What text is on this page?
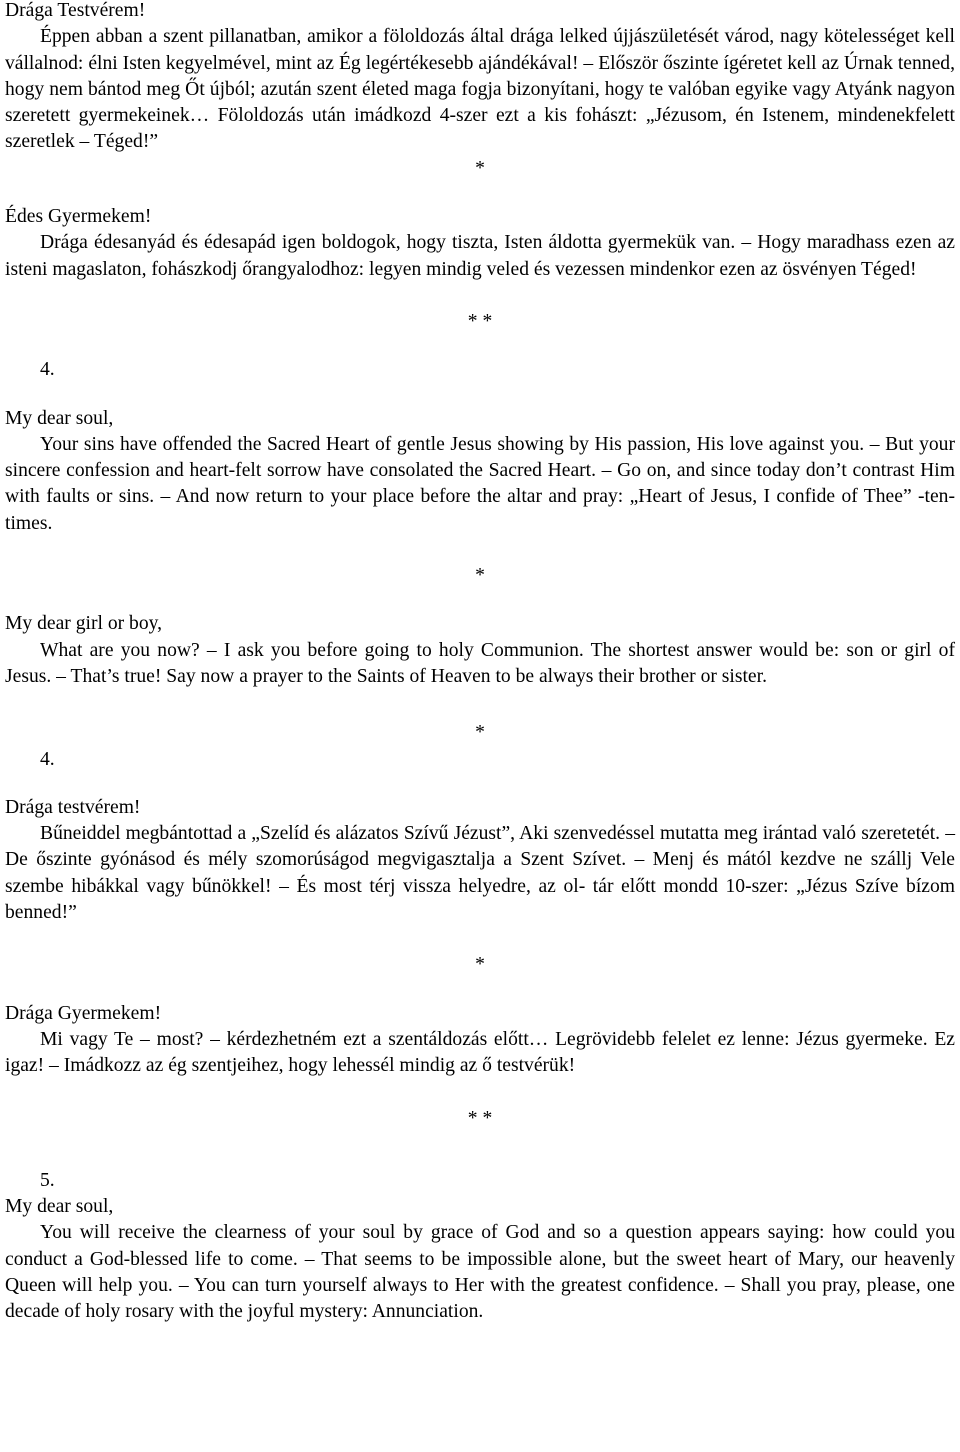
Drága Testvérem!

Éppen abban a szent pillanatban, amikor a föloldozás által drága lelked újjászületését várod, nagy kötelességet kell vállalnod: élni Isten kegyelmével, mint az Ég legértékesebb ajándékával! – Először őszinte ígéretet kell az Úrnak tenned, hogy nem bántod meg Őt újból; azután szent életed maga fogja bizonyítani, hogy te valóban egyike vagy Atyánk nagyon szeretett gyermekeinek… Föloldozás után imádkozd 4-szer ezt a kis fohászt: „Jézusom, én Istenem, mindenekfelett szeretlek – Téged!”

*

Édes Gyermekem!

Drága édesanyád és édesapád igen boldogok, hogy tiszta, Isten áldotta gyermekük van. – Hogy maradhass ezen az isteni magaslaton, fohászkodj őrangyalodhoz: legyen mindig veled és vezessen mindenkor ezen az ösvényen Téged!

* *

4.

My dear soul,

Your sins have offended the Sacred Heart of gentle Jesus showing by His passion, His love against you. – But your sincere confession and heart-felt sorrow have consolated the Sacred Heart. – Go on, and since today don’t contrast Him with faults or sins. – And now return to your place before the altar and pray: „Heart of Jesus, I confide of Thee” -ten-times.

*

My dear girl or boy,

What are you now? – I ask you before going to holy Communion. The shortest answer would be: son or girl of Jesus. – That’s true! Say now a prayer to the Saints of Heaven to be always their brother or sister.

*

4.

Drága testvérem!

Bűneiddel megbántottad a „Szelíd és alázatos Szívű Jézust”, Aki szenvedéssel mutatta meg irántad való szeretetét. – De őszinte gyónásod és mély szomorúságod megvigasztalja a Szent Szívet. – Menj és mától kezdve ne szállj Vele szembe hibákkal vagy bűnökkel! – És most térj vissza helyedre, az ol- tár előtt mondd 10-szer: „Jézus Szíve bízom benned!”

*

Drága Gyermekem!

Mi vagy Te – most? – kérdezhetném ezt a szentáldozás előtt… Legrövidebb felelet ez lenne: Jézus gyermeke. Ez igaz! – Imádkozz az ég szentjeihez, hogy lehessél mindig az ő testvérük!

* *

5.

My dear soul,

You will receive the clearness of your soul by grace of God and so a question appears saying: how could you conduct a God-blessed life to come. – That seems to be impossible alone, but the sweet heart of Mary, our heavenly Queen will help you. – You can turn yourself always to Her with the greatest confidence. – Shall you pray, please, one decade of holy rosary with the joyful mystery: Annunciation.
